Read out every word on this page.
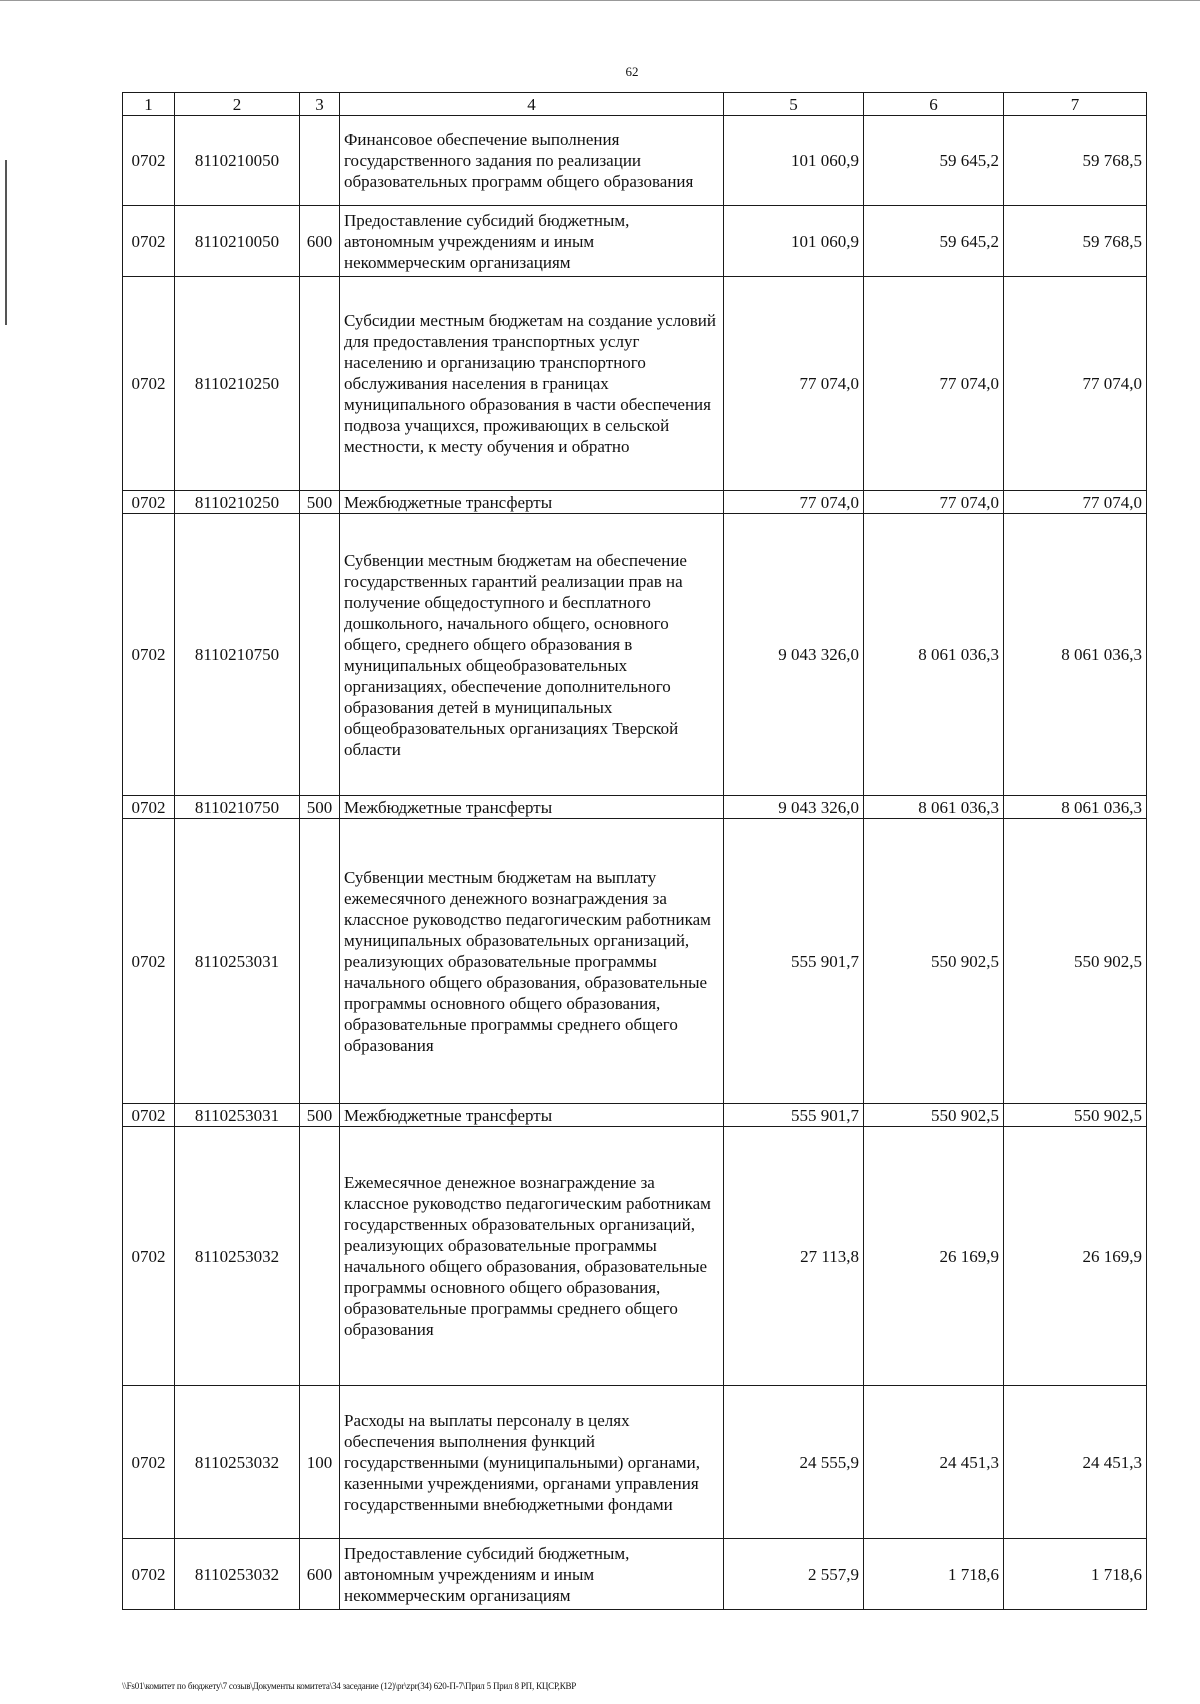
62
1	2	3	4	5	6	7
0702	8110210050		Финансовое обеспечение выполнения государственного задания по реализации образовательных программ общего образования	101 060,9	59 645,2	59 768,5
0702	8110210050	600	Предоставление субсидий бюджетным, автономным учреждениям и иным некоммерческим организациям	101 060,9	59 645,2	59 768,5
0702	8110210250		Субсидии местным бюджетам на создание условий для предоставления транспортных услуг населению и организацию транспортного обслуживания населения в границах муниципального образования в части обеспечения подвоза учащихся, проживающих в сельской местности, к месту обучения и обратно	77 074,0	77 074,0	77 074,0
0702	8110210250	500	Межбюджетные трансферты	77 074,0	77 074,0	77 074,0
0702	8110210750		Субвенции местным бюджетам на обеспечение государственных гарантий реализации прав на получение общедоступного и бесплатного дошкольного, начального общего, основного общего, среднего общего образования в муниципальных общеобразовательных организациях, обеспечение дополнительного образования детей в муниципальных общеобразовательных организациях Тверской области	9 043 326,0	8 061 036,3	8 061 036,3
0702	8110210750	500	Межбюджетные трансферты	9 043 326,0	8 061 036,3	8 061 036,3
0702	8110253031		Субвенции местным бюджетам на выплату ежемесячного денежного вознаграждения за классное руководство педагогическим работникам муниципальных образовательных организаций, реализующих образовательные программы начального общего образования, образовательные программы основного общего образования, образовательные программы среднего общего образования	555 901,7	550 902,5	550 902,5
0702	8110253031	500	Межбюджетные трансферты	555 901,7	550 902,5	550 902,5
0702	8110253032		Ежемесячное денежное вознаграждение за классное руководство педагогическим работникам государственных образовательных организаций, реализующих образовательные программы начального общего образования, образовательные программы основного общего образования, образовательные программы среднего общего образования	27 113,8	26 169,9	26 169,9
0702	8110253032	100	Расходы на выплаты персоналу в целях обеспечения выполнения функций государственными (муниципальными) органами, казенными учреждениями, органами управления государственными внебюджетными фондами	24 555,9	24 451,3	24 451,3
0702	8110253032	600	Предоставление субсидий бюджетным, автономным учреждениям и иным некоммерческим организациям	2 557,9	1 718,6	1 718,6
\\Fs01\комитет по бюджету\7 созыв\Документы комитета\34 заседание (12)\pr\zpr(34) 620-П-7\Прил 5 Прил 8 РП, КЦСР,КВР
